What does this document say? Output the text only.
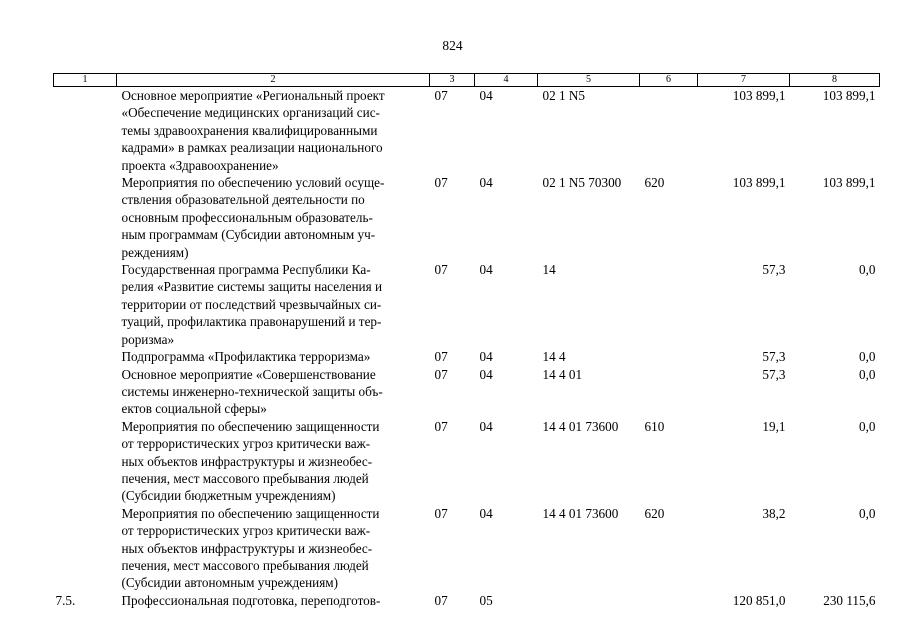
824
1	2	3	4	5	6	7	8

	Основное мероприятие «Региональный проект
«Обеспечение медицинских организаций сис-
темы здравоохранения квалифицированными
кадрами» в рамках реализации национального
проекта «Здравоохранение»	07	04	02 1 N5		103 899,1	103 899,1

	Мероприятия по обеспечению условий осуще-
ствления образовательной деятельности по
основным профессиональным образователь-
ным программам (Субсидии автономным уч-
реждениям)	07	04	02 1 N5 70300	620	103 899,1	103 899,1

	Государственная программа Республики Ка-
релия «Развитие системы защиты населения и
территории от последствий чрезвычайных си-
туаций, профилактика правонарушений и тер-
роризма»	07	04	14		57,3	0,0

	Подпрограмма «Профилактика терроризма»	07	04	14 4		57,3	0,0

	Основное мероприятие «Совершенствование
системы инженерно-технической защиты объ-
ектов социальной сферы»	07	04	14 4 01		57,3	0,0

	Мероприятия по обеспечению защищенности
от террористических угроз критически важ-
ных объектов инфраструктуры и жизнеобес-
печения, мест массового пребывания людей
(Субсидии бюджетным учреждениям)	07	04	14 4 01 73600	610	19,1	0,0

	Мероприятия по обеспечению защищенности
от террористических угроз критически важ-
ных объектов инфраструктуры и жизнеобес-
печения, мест массового пребывания людей
(Субсидии автономным учреждениям)	07	04	14 4 01 73600	620	38,2	0,0
7.5.	Профессиональная подготовка, переподготов-	07	05			120 851,0	230 115,6
